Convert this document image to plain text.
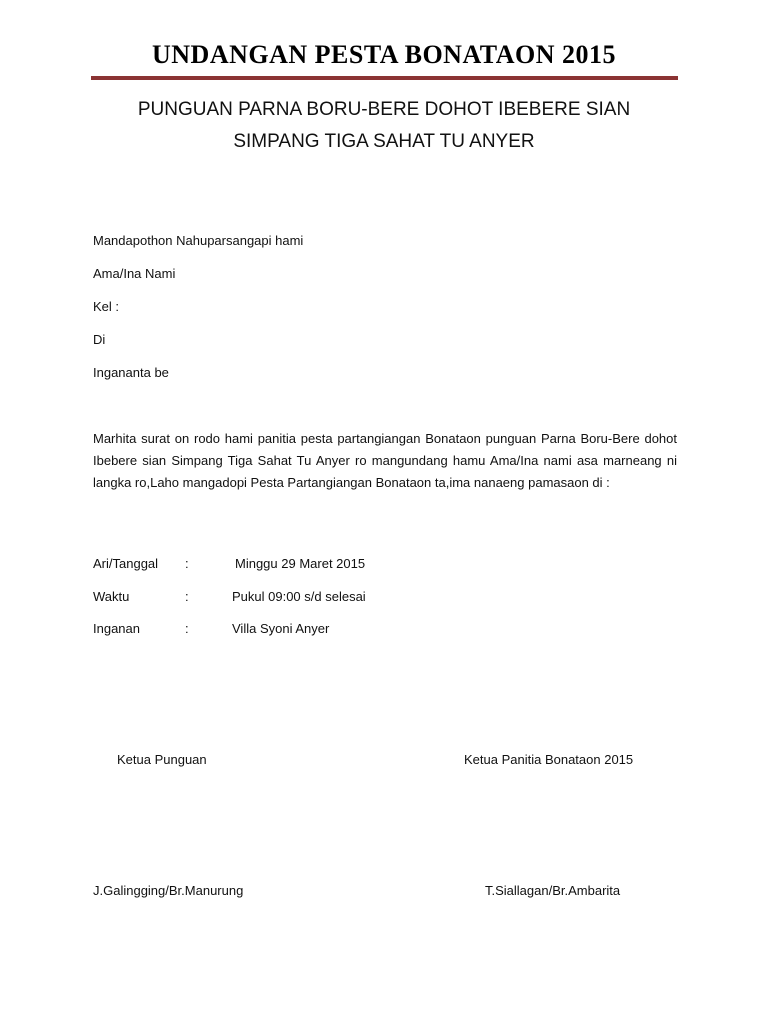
UNDANGAN PESTA BONATAON 2015
PUNGUAN PARNA BORU-BERE DOHOT IBEBERE SIAN
SIMPANG TIGA SAHAT TU ANYER
Mandapothon Nahuparsangapi hami
Ama/Ina Nami
Kel :
Di
Ingananta be
Marhita surat on rodo hami panitia pesta partangiangan Bonataon punguan Parna Boru-Bere dohot Ibebere sian Simpang Tiga Sahat Tu Anyer ro mangundang hamu Ama/Ina nami asa marneang ni langka ro,Laho mangadopi Pesta Partangiangan Bonataon ta,ima nanaeng pamasaon di :
Ari/Tanggal :	Minggu 29 Maret 2015
Waktu	:	Pukul 09:00 s/d selesai
Inganan	:	Villa Syoni Anyer
Ketua Punguan	Ketua Panitia Bonataon 2015
J.Galingging/Br.Manurung	T.Siallagan/Br.Ambarita
